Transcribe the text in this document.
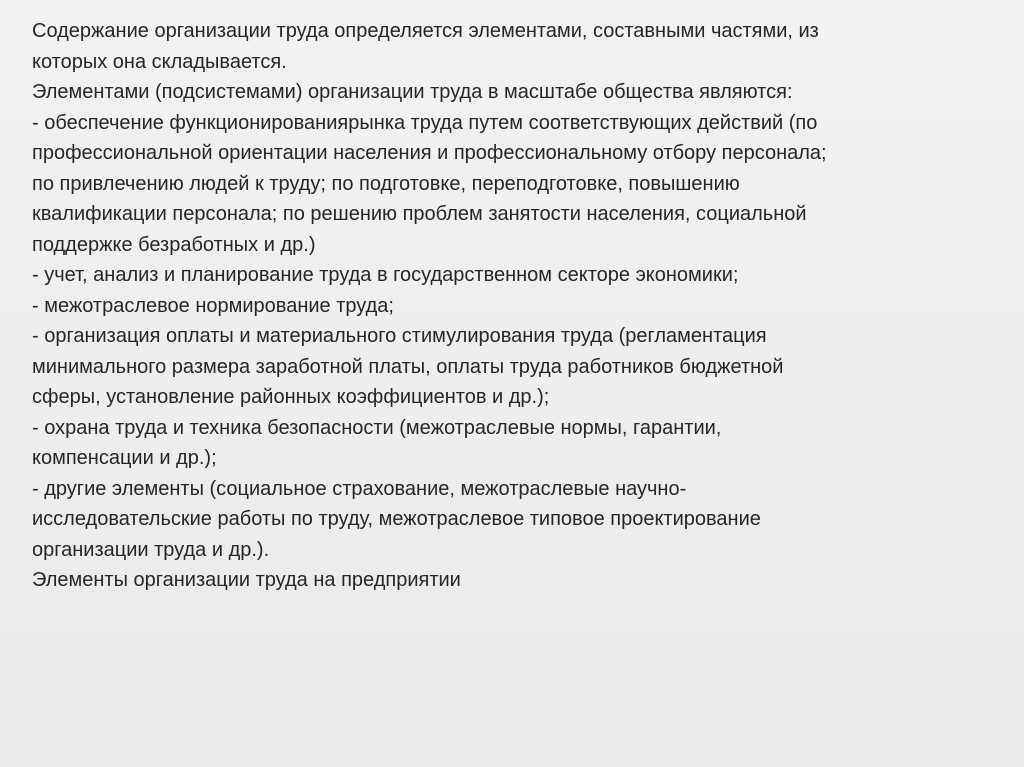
Содержание организации труда определяется элементами, составными частями, из
которых она складывается.
Элементами (подсистемами) организации труда в масштабе общества являются:
- обеспечение функционированиярынка труда путем соответствующих действий (по
профессиональной ориентации населения и профессиональному отбору персонала;
по привлечению людей к труду; по подготовке, переподготовке, повышению
квалификации персонала; по решению проблем занятости населения, социальной
поддержке безработных и др.)
- учет, анализ и планирование труда в государственном секторе экономики;
- межотраслевое нормирование труда;
- организация оплаты и материального стимулирования труда (регламентация
минимального размера заработной платы, оплаты труда работников бюджетной
сферы, установление районных коэффициентов и др.);
- охрана труда и техника безопасности (межотраслевые нормы, гарантии,
компенсации и др.);
- другие элементы (социальное страхование, межотраслевые научно-
исследовательские работы по труду, межотраслевое типовое проектирование
организации труда и др.).
Элементы организации труда на предприятии
